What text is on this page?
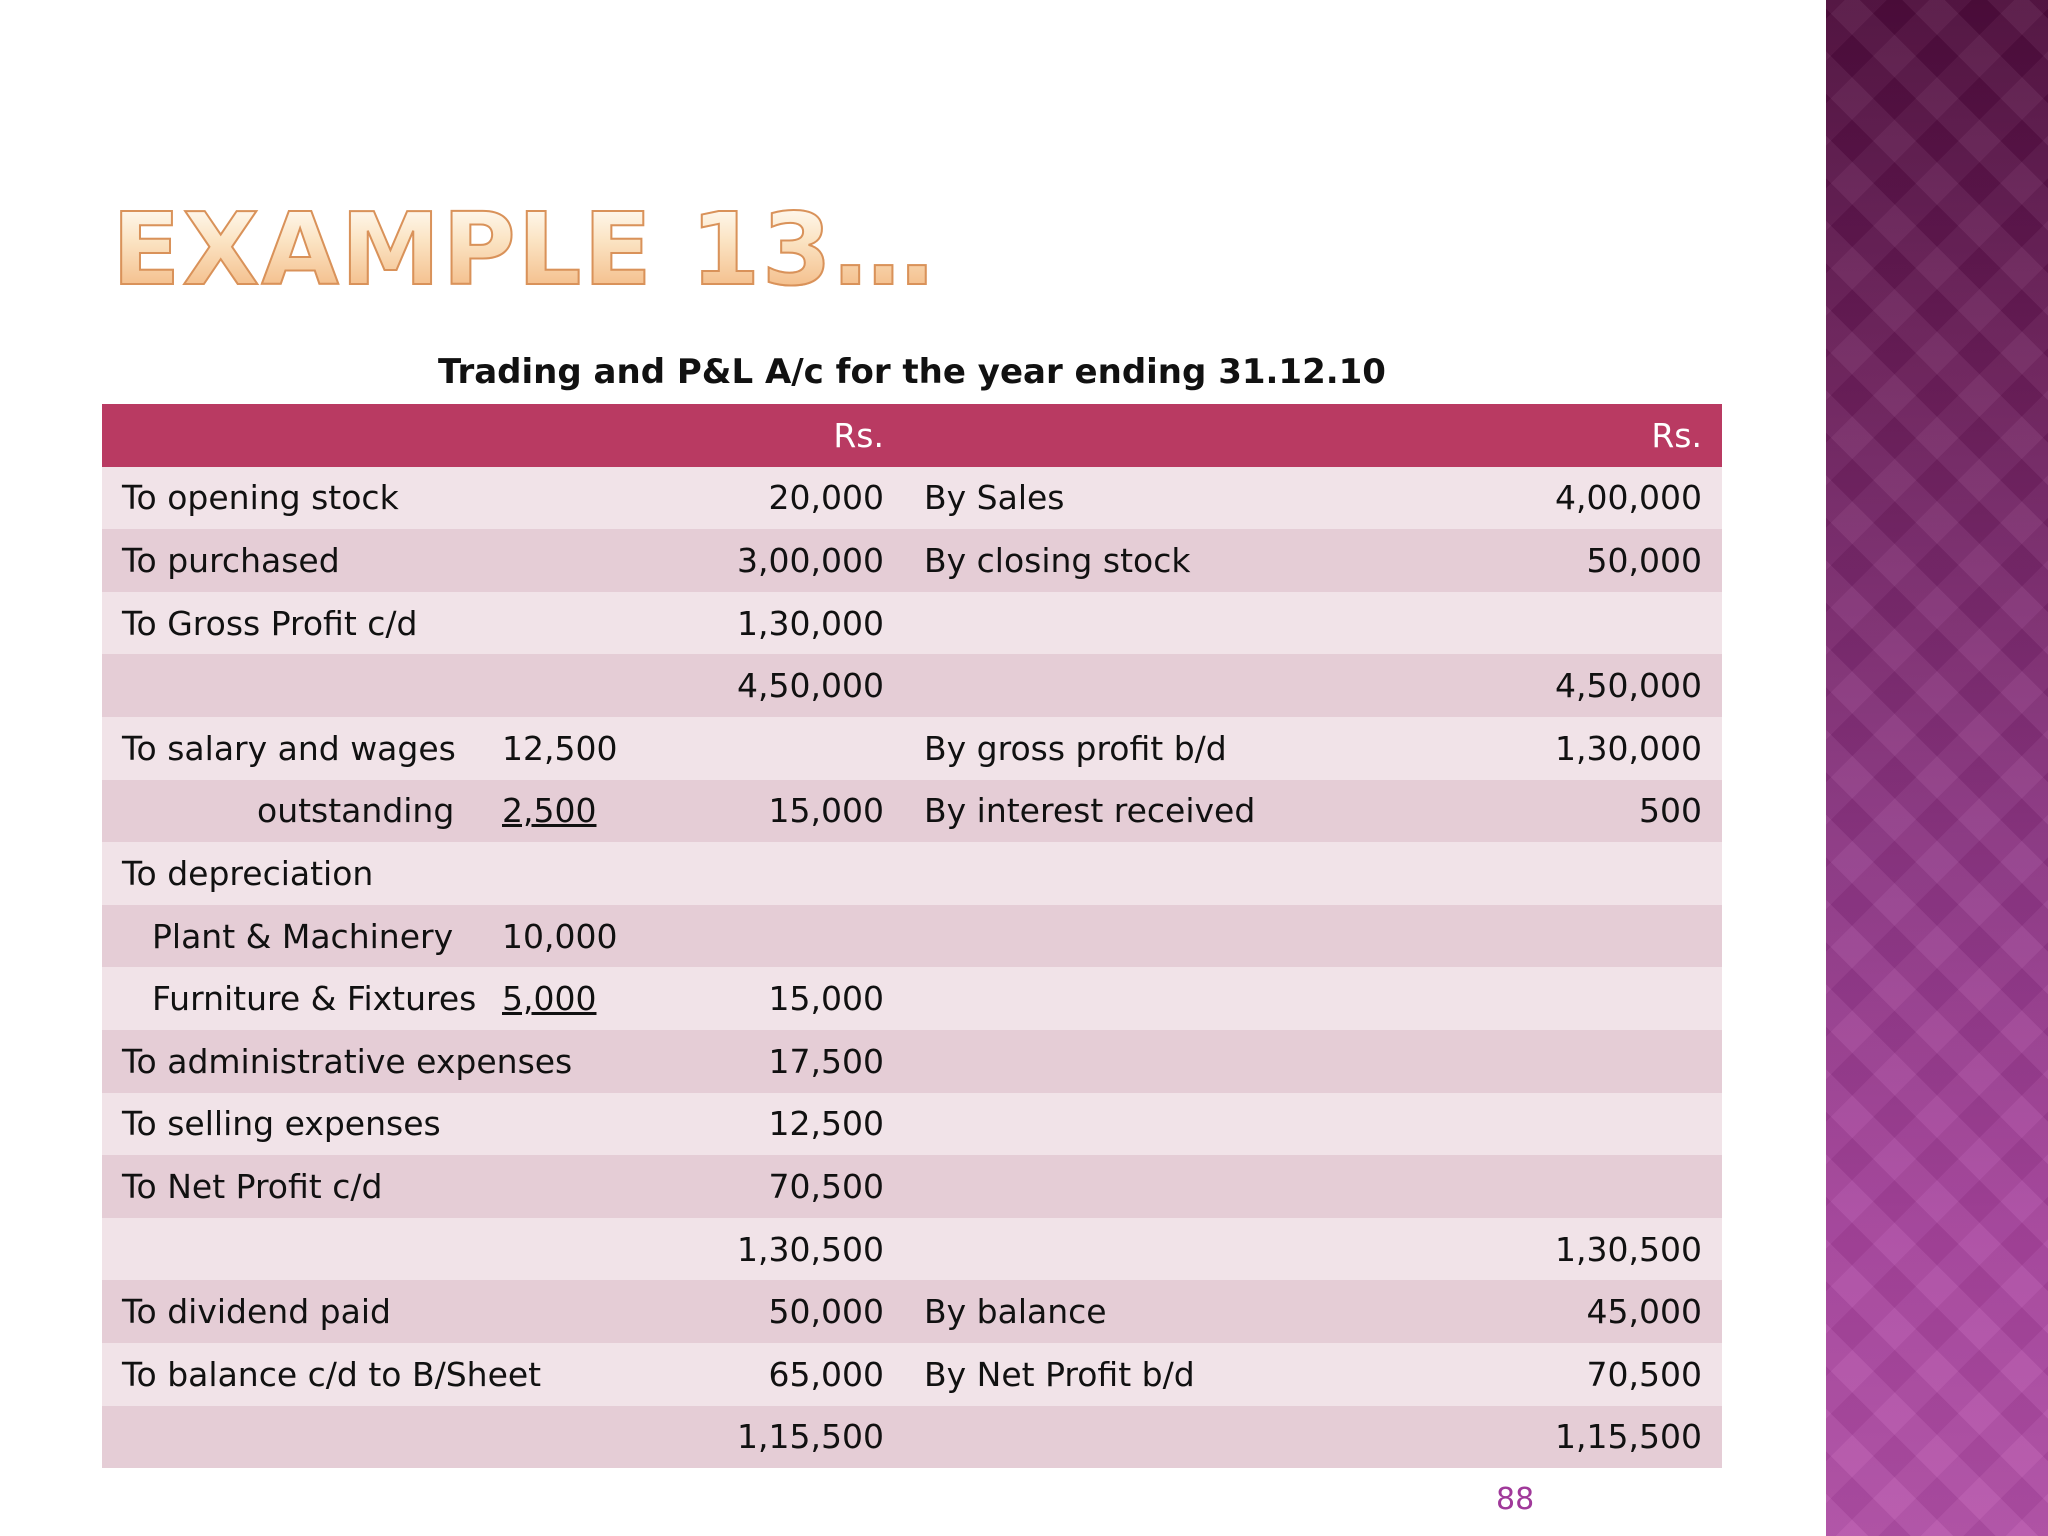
EXAMPLE 13…
Trading and P&L A/c for the year ending 31.12.10
		Rs.		Rs.
To opening stock		20,000	By Sales	4,00,000
To purchased		3,00,000	By closing stock	50,000
To Gross Profit c/d		1,30,000		
		4,50,000		4,50,000
To salary and wages	12,500		By gross profit b/d	1,30,000
outstanding	2,500	15,000	By interest received	500
To depreciation				
Plant & Machinery	10,000			
Furniture & Fixtures	5,000	15,000		
To administrative expenses		17,500		
To selling expenses		12,500		
To Net Profit c/d		70,500		
		1,30,500		1,30,500
To dividend paid		50,000	By balance	45,000
To balance c/d to B/Sheet		65,000	By Net Profit b/d	70,500
		1,15,500		1,15,500
88
